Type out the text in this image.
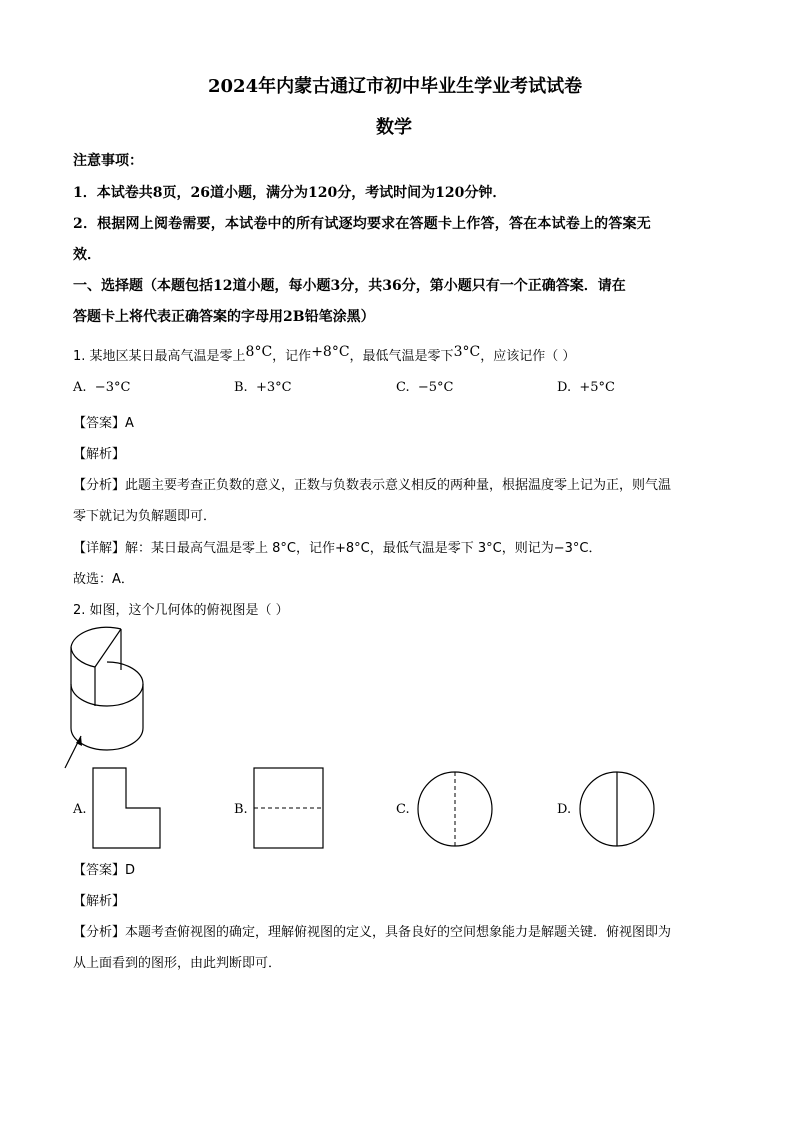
2024年内蒙古通辽市初中毕业生学业考试试卷
数学
注意事项：
1．本试卷共8页，26道小题，满分为120分，考试时间为120分钟．
2．根据网上阅卷需要，本试卷中的所有试逐均要求在答题卡上作答，答在本试卷上的答案无
效．
一、选择题（本题包括12道小题，每小题3分，共36分，第小题只有一个正确答案．请在
答题卡上将代表正确答案的字母用2B铅笔涂黑）
1. 某地区某日最高气温是零上8°C，记作+8°C，最低气温是零下3°C，应该记作（ ）
A. −3°C	B. +3°C	C. −5°C	D. +5°C
【答案】A
【解析】
【分析】此题主要考查正负数的意义，正数与负数表示意义相反的两种量，根据温度零上记为正，则气温
零下就记为负解题即可．
【详解】解：某日最高气温是零上 8°C，记作+8°C，最低气温是零下 3°C，则记为−3°C．
故选：A．
2. 如图，这个几何体的俯视图是（ ）
A.	B.	C.	D.
【答案】D
【解析】
【分析】本题考查俯视图的确定，理解俯视图的定义，具备良好的空间想象能力是解题关键．俯视图即为
从上面看到的图形，由此判断即可．
